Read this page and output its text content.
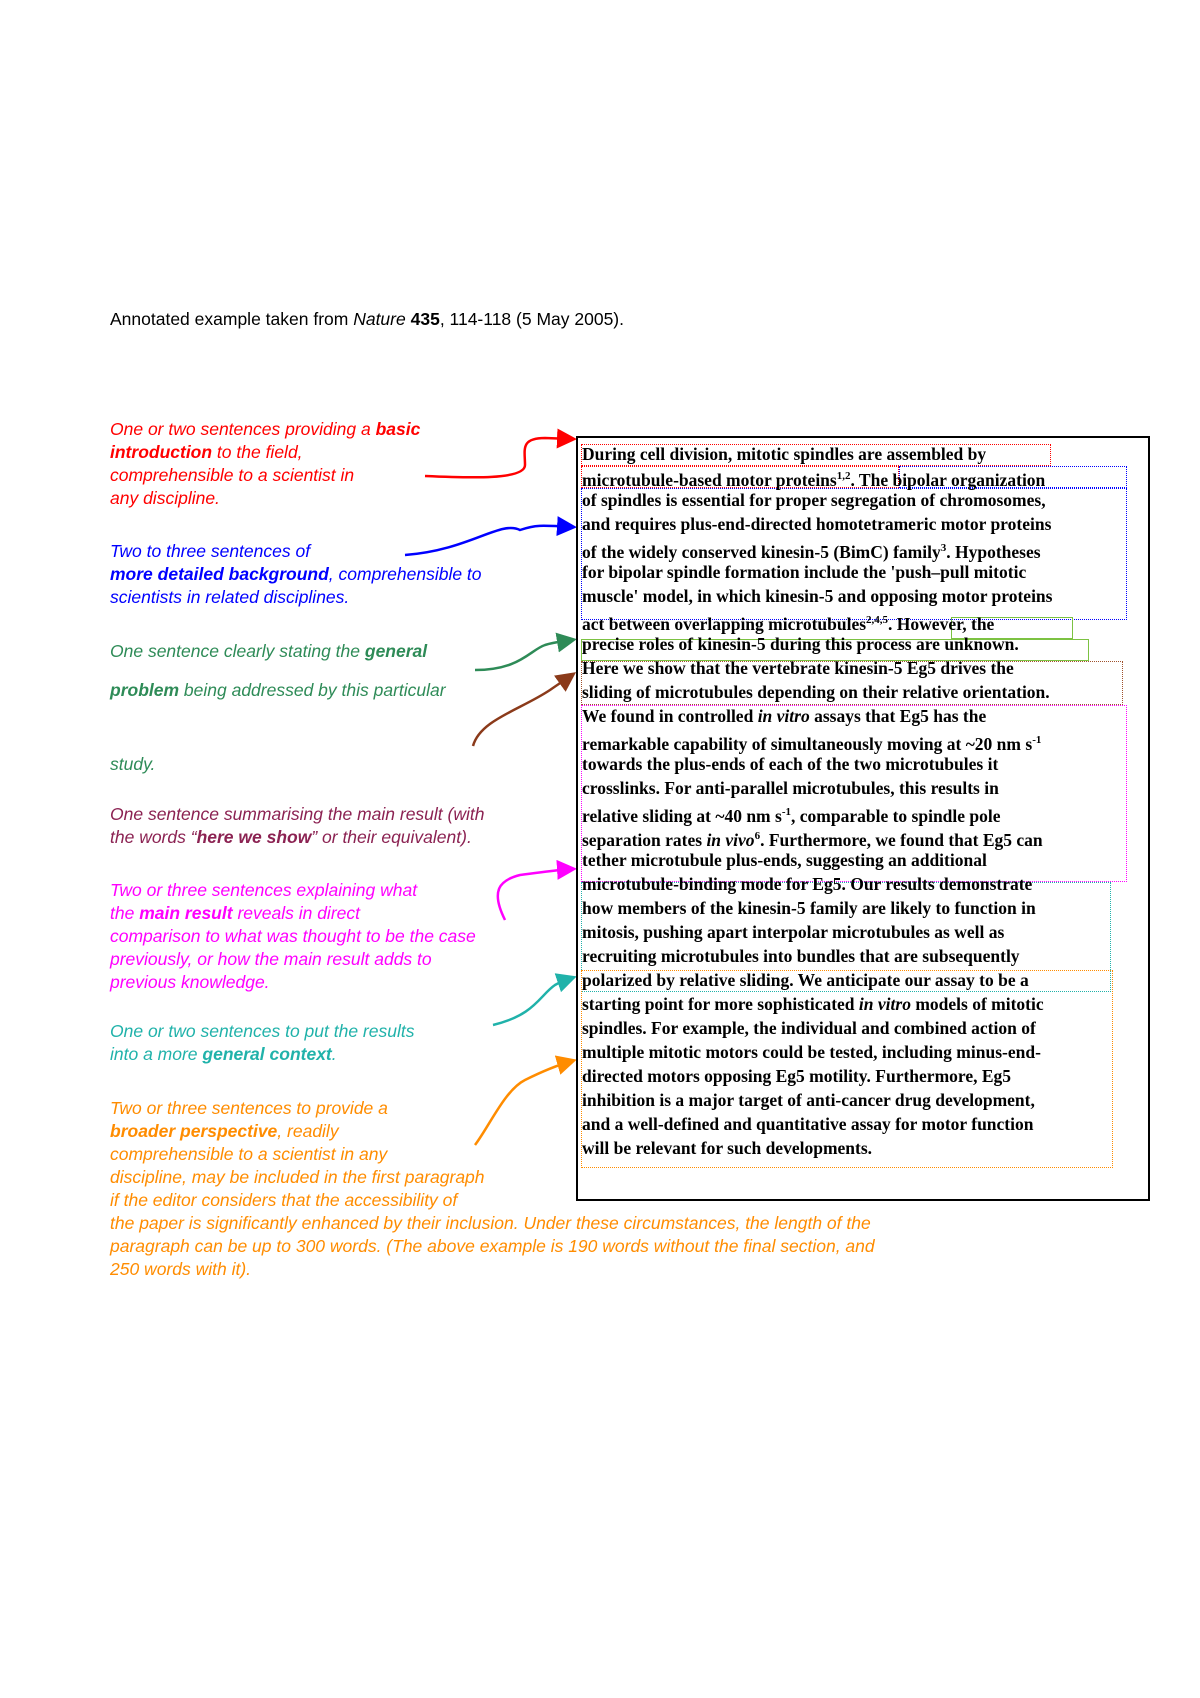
Annotated example taken from Nature 435, 114-118 (5 May 2005).
One or two sentences providing a basic
introduction to the field,
comprehensible to a scientist in
any discipline.
Two to three sentences of
more detailed background, comprehensible to
scientists in related disciplines.
One sentence clearly stating the general
problem being addressed by this particular
study.
One sentence summarising the main result (with
the words “here we show” or their equivalent).
Two or three sentences explaining what
the main result reveals in direct
comparison to what was thought to be the case
previously, or how the main result adds to
previous knowledge.
One or two sentences to put the results
into a more general context.
Two or three sentences to provide a
broader perspective, readily
comprehensible to a scientist in any
discipline, may be included in the first paragraph
if the editor considers that the accessibility of
the paper is significantly enhanced by their inclusion. Under these circumstances, the length of the
paragraph can be up to 300 words. (The above example is 190 words without the final section, and
250 words with it).
During cell division, mitotic spindles are assembled by
microtubule-based motor proteins$^{1,2}$. The bipolar organization
of spindles is essential for proper segregation of chromosomes,
and requires plus-end-directed homotetrameric motor proteins
of the widely conserved kinesin-5 (BimC) family$^3$. Hypotheses
for bipolar spindle formation include the 'push–pull mitotic
muscle' model, in which kinesin-5 and opposing motor proteins
act between overlapping microtubules$^{2,4,5}$. However, the
precise roles of kinesin-5 during this process are unknown.
Here we show that the vertebrate kinesin-5 Eg5 drives the
sliding of microtubules depending on their relative orientation.
We found in controlled in vitro assays that Eg5 has the
remarkable capability of simultaneously moving at ~20 nm $s^{-1}$
towards the plus-ends of each of the two microtubules it
crosslinks. For anti-parallel microtubules, this results in
relative sliding at ~40 nm $s^{-1}$, comparable to spindle pole
separation rates in vivo$^6$. Furthermore, we found that Eg5 can
tether microtubule plus-ends, suggesting an additional
microtubule-binding mode for Eg5. Our results demonstrate
how members of the kinesin-5 family are likely to function in
mitosis, pushing apart interpolar microtubules as well as
recruiting microtubules into bundles that are subsequently
polarized by relative sliding. We anticipate our assay to be a
starting point for more sophisticated in vitro models of mitotic
spindles. For example, the individual and combined action of
multiple mitotic motors could be tested, including minus-end-
directed motors opposing Eg5 motility. Furthermore, Eg5
inhibition is a major target of anti-cancer drug development,
and a well-defined and quantitative assay for motor function
will be relevant for such developments.
